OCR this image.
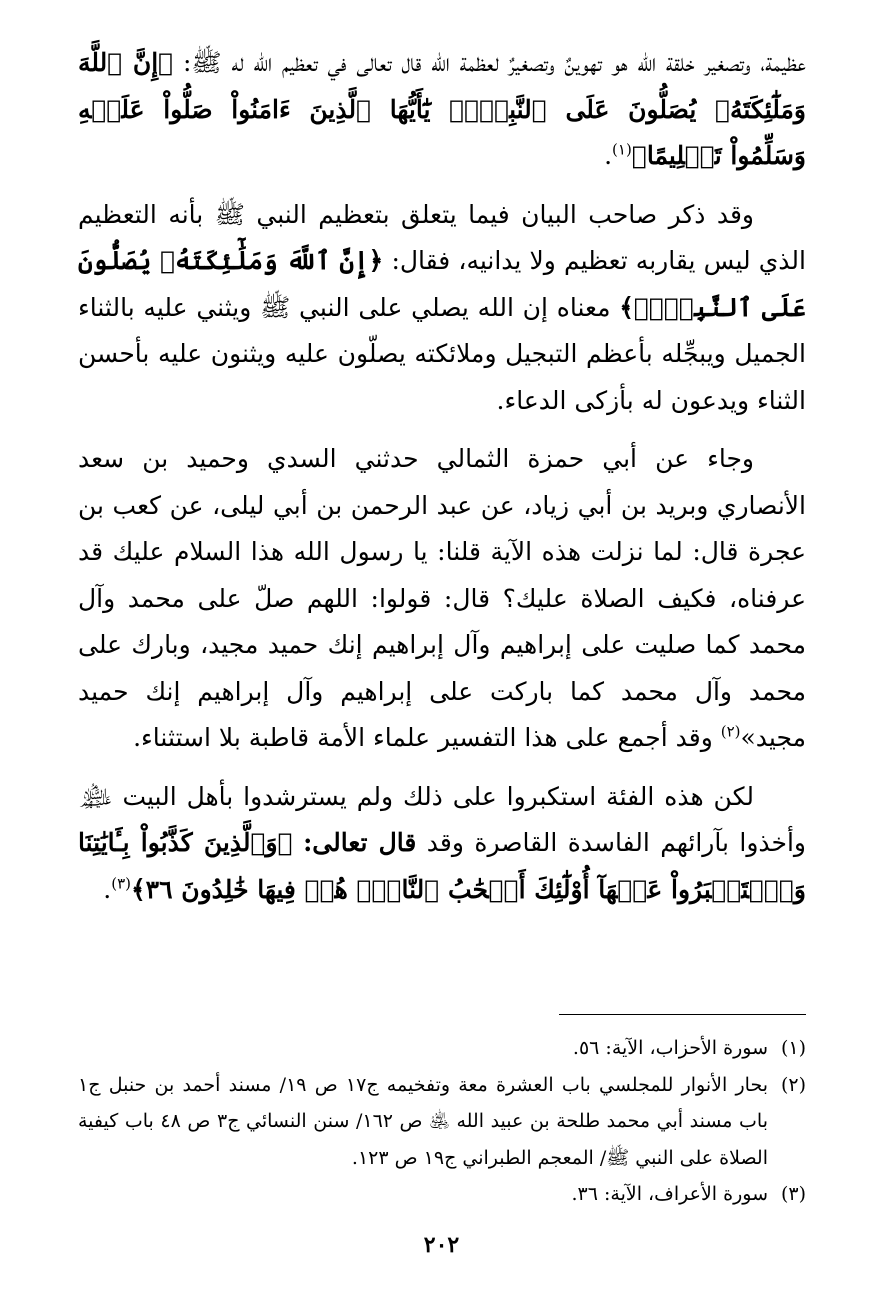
عظيمة، وتصغير خلقة الله هو تهوينٌ وتصغيرٌ لعظمة الله قال تعالى في تعظيم الله له ﷺ: ﴿إِنَّ ٱللَّهَ وَمَلَٰٓئِكَتَهُۥ يُصَلُّونَ عَلَى ٱلنَّبِيِّۚ يَٰٓأَيُّهَا ٱلَّذِينَ ءَامَنُواْ صَلُّواْ عَلَيۡهِ وَسَلِّمُواْ تَسۡلِيمًا﴾$^{(١)}$.

وقد ذكر صاحب البيان فيما يتعلق بتعظيم النبي ﷺ بأنه التعظيم الذي ليس يقاربه تعظيم ولا يدانيه، فقال: ﴿إِنَّ ٱللَّهَ وَمَلَٰٓئِكَتَهُۥ يُصَلُّونَ عَلَى ٱلنَّبِيِّۚ﴾ معناه إن الله يصلي على النبي ﷺ ويثني عليه بالثناء الجميل ويبجِّله بأعظم التبجيل وملائكته يصلّون عليه ويثنون عليه بأحسن الثناء ويدعون له بأزكى الدعاء.

وجاء عن أبي حمزة الثمالي حدثني السدي وحميد بن سعد الأنصاري وبريد بن أبي زياد، عن عبد الرحمن بن أبي ليلى، عن كعب بن عجرة قال: لما نزلت هذه الآية قلنا: يا رسول الله هذا السلام عليك قد عرفناه، فكيف الصلاة عليك؟ قال: قولوا: اللهم صلّ على محمد وآل محمد كما صليت على إبراهيم وآل إبراهيم إنك حميد مجيد، وبارك على محمد وآل محمد كما باركت على إبراهيم وآل إبراهيم إنك حميد مجيد»$^{(٢)}$ وقد أجمع على هذا التفسير علماء الأمة قاطبة بلا استثناء.

لكن هذه الفئة استكبروا على ذلك ولم يسترشدوا بأهل البيت ﵈ وأخذوا بآرائهم الفاسدة القاصرة وقد قال تعالى: ﴿وَٱلَّذِينَ كَذَّبُواْ بِـَٔايَٰتِنَا وَٱسۡتَكۡبَرُواْ عَنۡهَآ أُوْلَٰٓئِكَ أَصۡحَٰبُ ٱلنَّارِۖ هُمۡ فِيهَا خَٰلِدُونَ ٣٦﴾$^{(٣)}$.

(١)
سورة الأحزاب، الآية: ٥٦.
(٢)
بحار الأنوار للمجلسي باب العشرة معة وتفخيمه ج١٧ ص ١٩/ مسند أحمد بن حنبل ج١ باب مسند أبي محمد طلحة بن عبيد الله ﵁ ص ١٦٢/ سنن النسائي ج٣ ص ٤٨ باب كيفية الصلاة على النبي ﷺ/ المعجم الطبراني ج١٩ ص ١٢٣.
(٣)
سورة الأعراف، الآية: ٣٦.
٢٠٢
